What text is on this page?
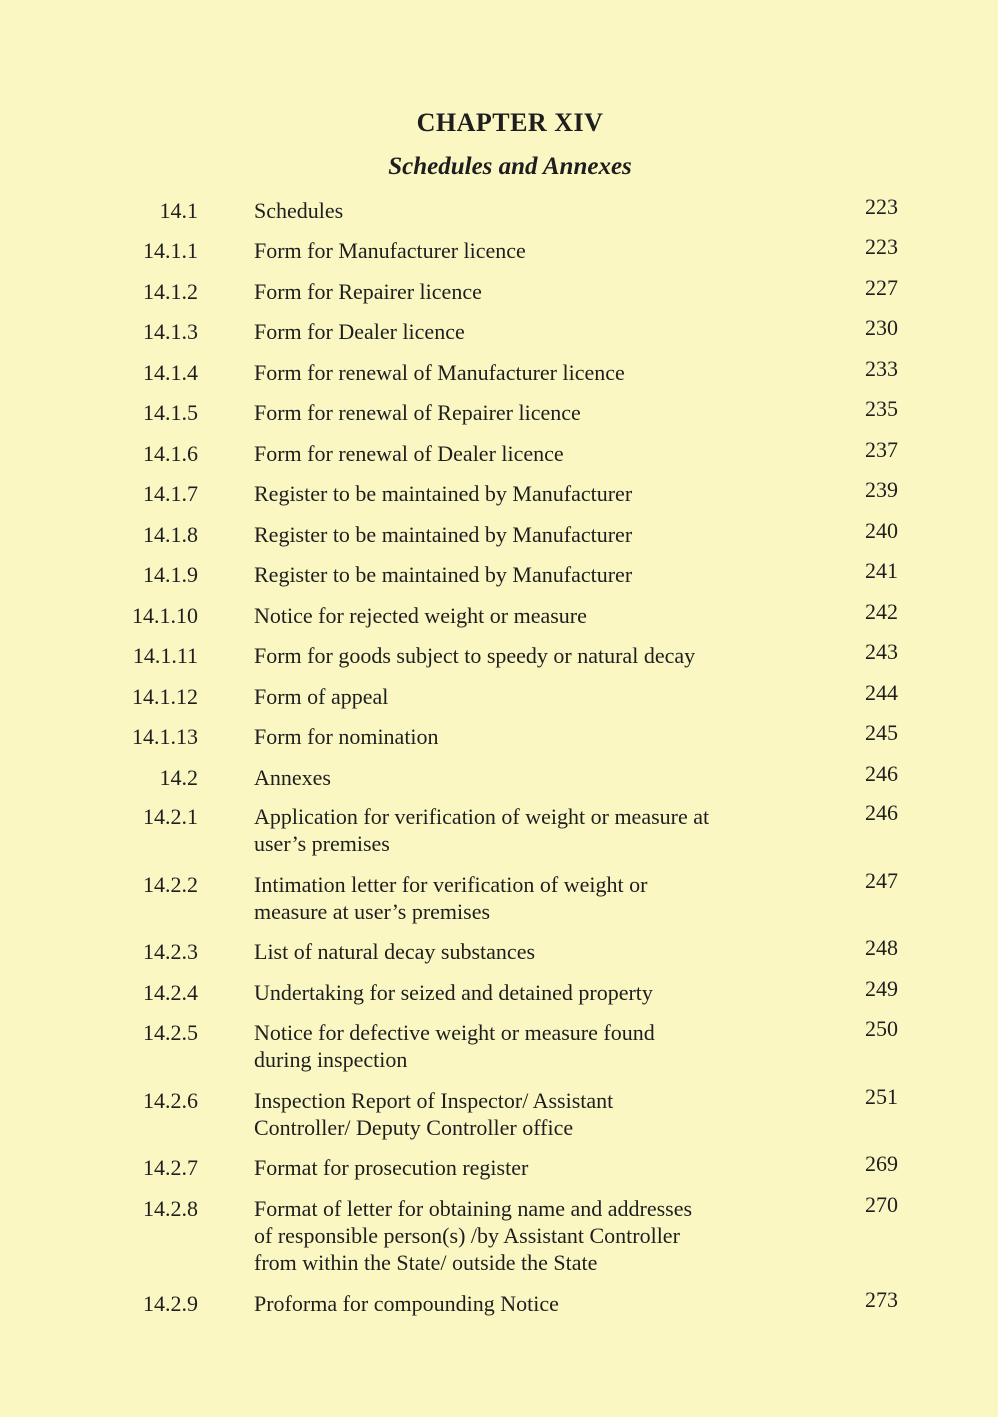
CHAPTER XIV
Schedules and Annexes
14.1	Schedules	223
14.1.1	Form for Manufacturer licence	223
14.1.2	Form for Repairer licence	227
14.1.3	Form for Dealer licence	230
14.1.4	Form for renewal of Manufacturer licence	233
14.1.5	Form for renewal of Repairer licence	235
14.1.6	Form for renewal of Dealer licence	237
14.1.7	Register to be maintained by Manufacturer	239
14.1.8	Register to be maintained by Manufacturer	240
14.1.9	Register to be maintained by Manufacturer	241
14.1.10	Notice for rejected weight or measure	242
14.1.11	Form for goods subject to speedy or natural decay	243
14.1.12	Form of appeal	244
14.1.13	Form for nomination	245
14.2	Annexes	246
14.2.1	Application for verification of weight or measure at
user’s premises
246
14.2.2	Intimation letter for verification of weight or
measure at user’s premises
247
14.2.3	List of natural decay substances	248
14.2.4	Undertaking for seized and detained property	249
14.2.5	Notice for defective weight or measure found
during inspection
250
14.2.6	Inspection Report of Inspector/ Assistant
Controller/ Deputy Controller office
251
14.2.7	Format for prosecution register	269
14.2.8	Format of letter for obtaining name and addresses
of responsible person(s) /by Assistant Controller
from within the State/ outside the State
270
14.2.9	Proforma for compounding Notice	273
